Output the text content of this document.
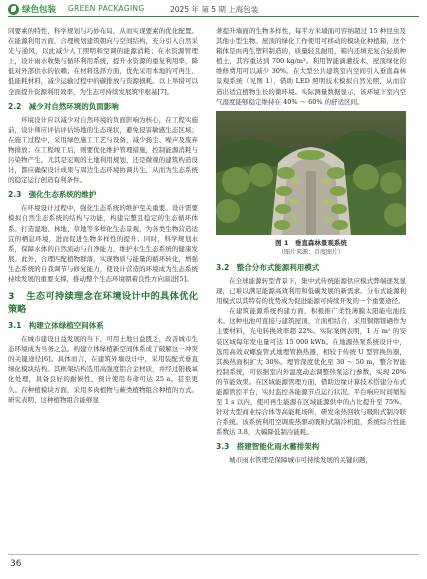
绿色包装 GREEN PACKAGING	2025 年 第 5 期 上海包装

同要素的特性，科学规划与巧妙布局，从而实现要素的优化配置。在能源利用方面，合理规划建筑朝向与空间结构，充分引入自然采光与通风，以此减少人工照明和空调的能源消耗；在水资源管理上，设计雨水收集与循环利用系统，提升水资源的重复利用率，降低对外部供水的依赖；在材料选择方面，优先采用本地的可再生、低能耗材料，减少运输过程中的碳排放与资源损耗。以上举措可以全面提升资源利用效率，为生态可持续发展筑牢根基[7]。

2.2　减少对自然环境的负面影响

环境设计应以减少对自然环境的负面影响为核心，在工程实施前，设计师应评估评估场地的生态现状，避免侵害敏感生态区域；在施工过程中，采用绿色施工工艺与设备，减少扬尘、噪声及废弃物排放；在工程竣工后，则要优化维护管理措施，控制能源消耗与污染物产生。尤其是宏观的土地利用规划，还是微观的建筑构造设计，都应确保设计成果与周边生态环境协调共生，从而为生态系统的稳定运行创造有利条件。

2.3　强化生态系统的维护

在环境设计过程中，强化生态系统的维护至关重要。设计需要模拟自然生态系统的结构与功能，构建完整且稳定的生态循环体系。打造湿地、林地、草地等多样化生态景观，为各类生物营造适宜的栖息环境，进而促进生物多样性的提升；同时，科学规划水系，保障水体的自然流动与自净能力，维护水生生态系统的健康发展。此外，合理匹配植物群落，实现物质与能量的循环转化，增强生态系统的自我调节与修复能力，使设计营造的环境成为生态系统持续发展的重要支撑，推动整个生态环境朝着良性方向演进[5]。

3 生态可持续理念在环境设计中的具体优化策略
3.1　构建立体绿植空间体系

在城市建设日益发展的当下，可用土地日益匮乏，改善城市生态环境成为当务之急。构建立体绿植新空间体系成了破解这一冲突的关键途径[6]。具体而言，在建筑外墙设计中，采用装配式垂直绿化模块结构。其框架结构选用高强度铝合金材质，并经过阳极氧化处理，具备良好的耐候性，预计使用寿命可达 25 a。甚至更久。在种植模块方面，采用多肉植物与蕨类植物组合种植的方式。研究表明，这种植物组合能够显

著提升墙面的生物多样性，每平方米墙面可容纳超过 15 种昆虫及其他小型生物。屋顶的绿化工作使用可移动的模块化种植箱，这个箱体是由再生塑料制造的，质量轻且耐用，箱内还填充复合轻质种植土，其容重达到 700 kg/m³。利用智能滴灌技术，屋顶绿化的维修费用可以减少 30%。在大型公共建筑室内空间引入垂直森林景观系统（见图 1），借助 LED 照明技术模拟自然光照，从而营造出适宜植物生长的微环境。实际测量数据显示，该环境下室内空气湿度能够稳定维持在 40% ～ 60% 的舒适区间。

图 1　垂直森林景观系统
（图片来源：百度图片）
3.2　整合分布式能源利用模式

在全球能源转型背景下，集中式传统能源供应模式弊端逐发显现，已难以满足能源高效利用和低碳发展的新需求。分布式能源利用模式以其特有的优势成为促进能源可持续开发的一个重要途径。

在建筑能源系统构建方面，积极推广柔性薄膜太阳能电池技术。这种电池可直接与建筑屋顶、立面相结合，采用铜铟镓硒作为主要材料，光电转换效率超 22%。实际案例表明，1 万 m² 的安装区域每年发电量可达 15 000 kWh。在地源热泵系统设计中，选用高效双螺旋管式地埋管换热器，相较于传统 U 型管换热器，其换热面积扩大 30%。埋管深度优化至 30 ～ 50 m，整合智能控制系统，可依据室内外温度动态调整热泵运行参数，实现 20% 的节能效果。在区域能源管理方面，借助边缘计算技术搭建分布式能源管控平台，实时监控各能源节点运行状况。平台响应时间缩短至 1 s 以内，使可再生能源在区域能源供中的占比提升至 75%。针对大型商业综合体等高能耗场所，研发余热回收与吸附式制冷联合系统。该系统利用空调废热驱动吸附式制冷机组，系统综合性能系数达 3.8，大幅降低制冷能耗。

3.3　搭建智能化雨水蓄排架构

城市雨水管理是保障城市可持续发展的关键问题，

36
